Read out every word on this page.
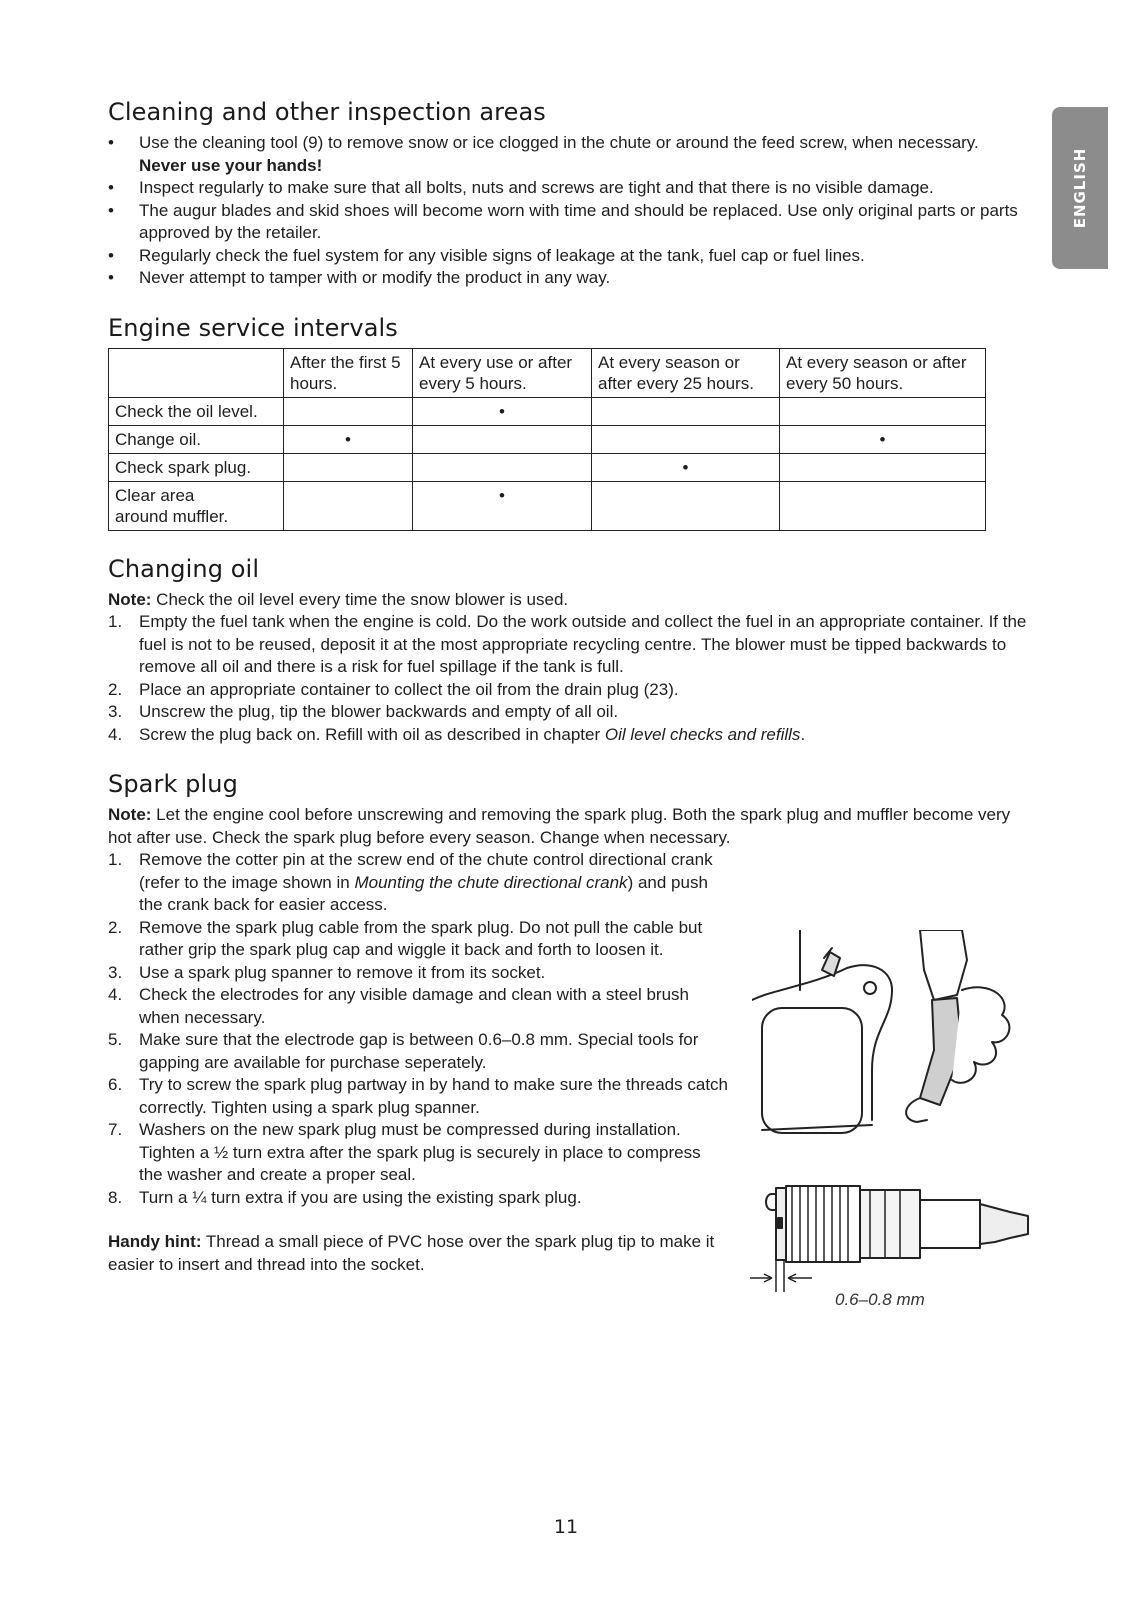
ENGLISH
Cleaning and other inspection areas
• Use the cleaning tool (9) to remove snow or ice clogged in the chute or around the feed screw, when necessary. Never use your hands!
• Inspect regularly to make sure that all bolts, nuts and screws are tight and that there is no visible damage.
• The augur blades and skid shoes will become worn with time and should be replaced. Use only original parts or parts approved by the retailer.
• Regularly check the fuel system for any visible signs of leakage at the tank, fuel cap or fuel lines.
• Never attempt to tamper with or modify the product in any way.
Engine service intervals
	After the first 5 hours.	At every use or after every 5 hours.	At every season or after every 25 hours.	At every season or after every 50 hours.
Check the oil level.		•		
Change oil.	•			•
Check spark plug.			•	
Clear area around muffler.		•		
Changing oil
Note: Check the oil level every time the snow blower is used.
1. Empty the fuel tank when the engine is cold. Do the work outside and collect the fuel in an appropriate container. If the fuel is not to be reused, deposit it at the most appropriate recycling centre. The blower must be tipped backwards to remove all oil and there is a risk for fuel spillage if the tank is full.
2. Place an appropriate container to collect the oil from the drain plug (23).
3. Unscrew the plug, tip the blower backwards and empty of all oil.
4. Screw the plug back on. Refill with oil as described in chapter Oil level checks and refills.
Spark plug
Note: Let the engine cool before unscrewing and removing the spark plug. Both the spark plug and muffler become very hot after use. Check the spark plug before every season. Change when necessary.
1. Remove the cotter pin at the screw end of the chute control directional crank (refer to the image shown in Mounting the chute directional crank) and push the crank back for easier access.
2. Remove the spark plug cable from the spark plug. Do not pull the cable but rather grip the spark plug cap and wiggle it back and forth to loosen it.
3. Use a spark plug spanner to remove it from its socket.
4. Check the electrodes for any visible damage and clean with a steel brush when necessary.
5. Make sure that the electrode gap is between 0.6–0.8 mm. Special tools for gapping are available for purchase seperately.
6. Try to screw the spark plug partway in by hand to make sure the threads catch correctly. Tighten using a spark plug spanner.
7. Washers on the new spark plug must be compressed during installation. Tighten a ½ turn extra after the spark plug is securely in place to compress the washer and create a proper seal.
8. Turn a ¼ turn extra if you are using the existing spark plug.
Handy hint: Thread a small piece of PVC hose over the spark plug tip to make it easier to insert and thread into the socket.
0.6–0.8 mm
11
